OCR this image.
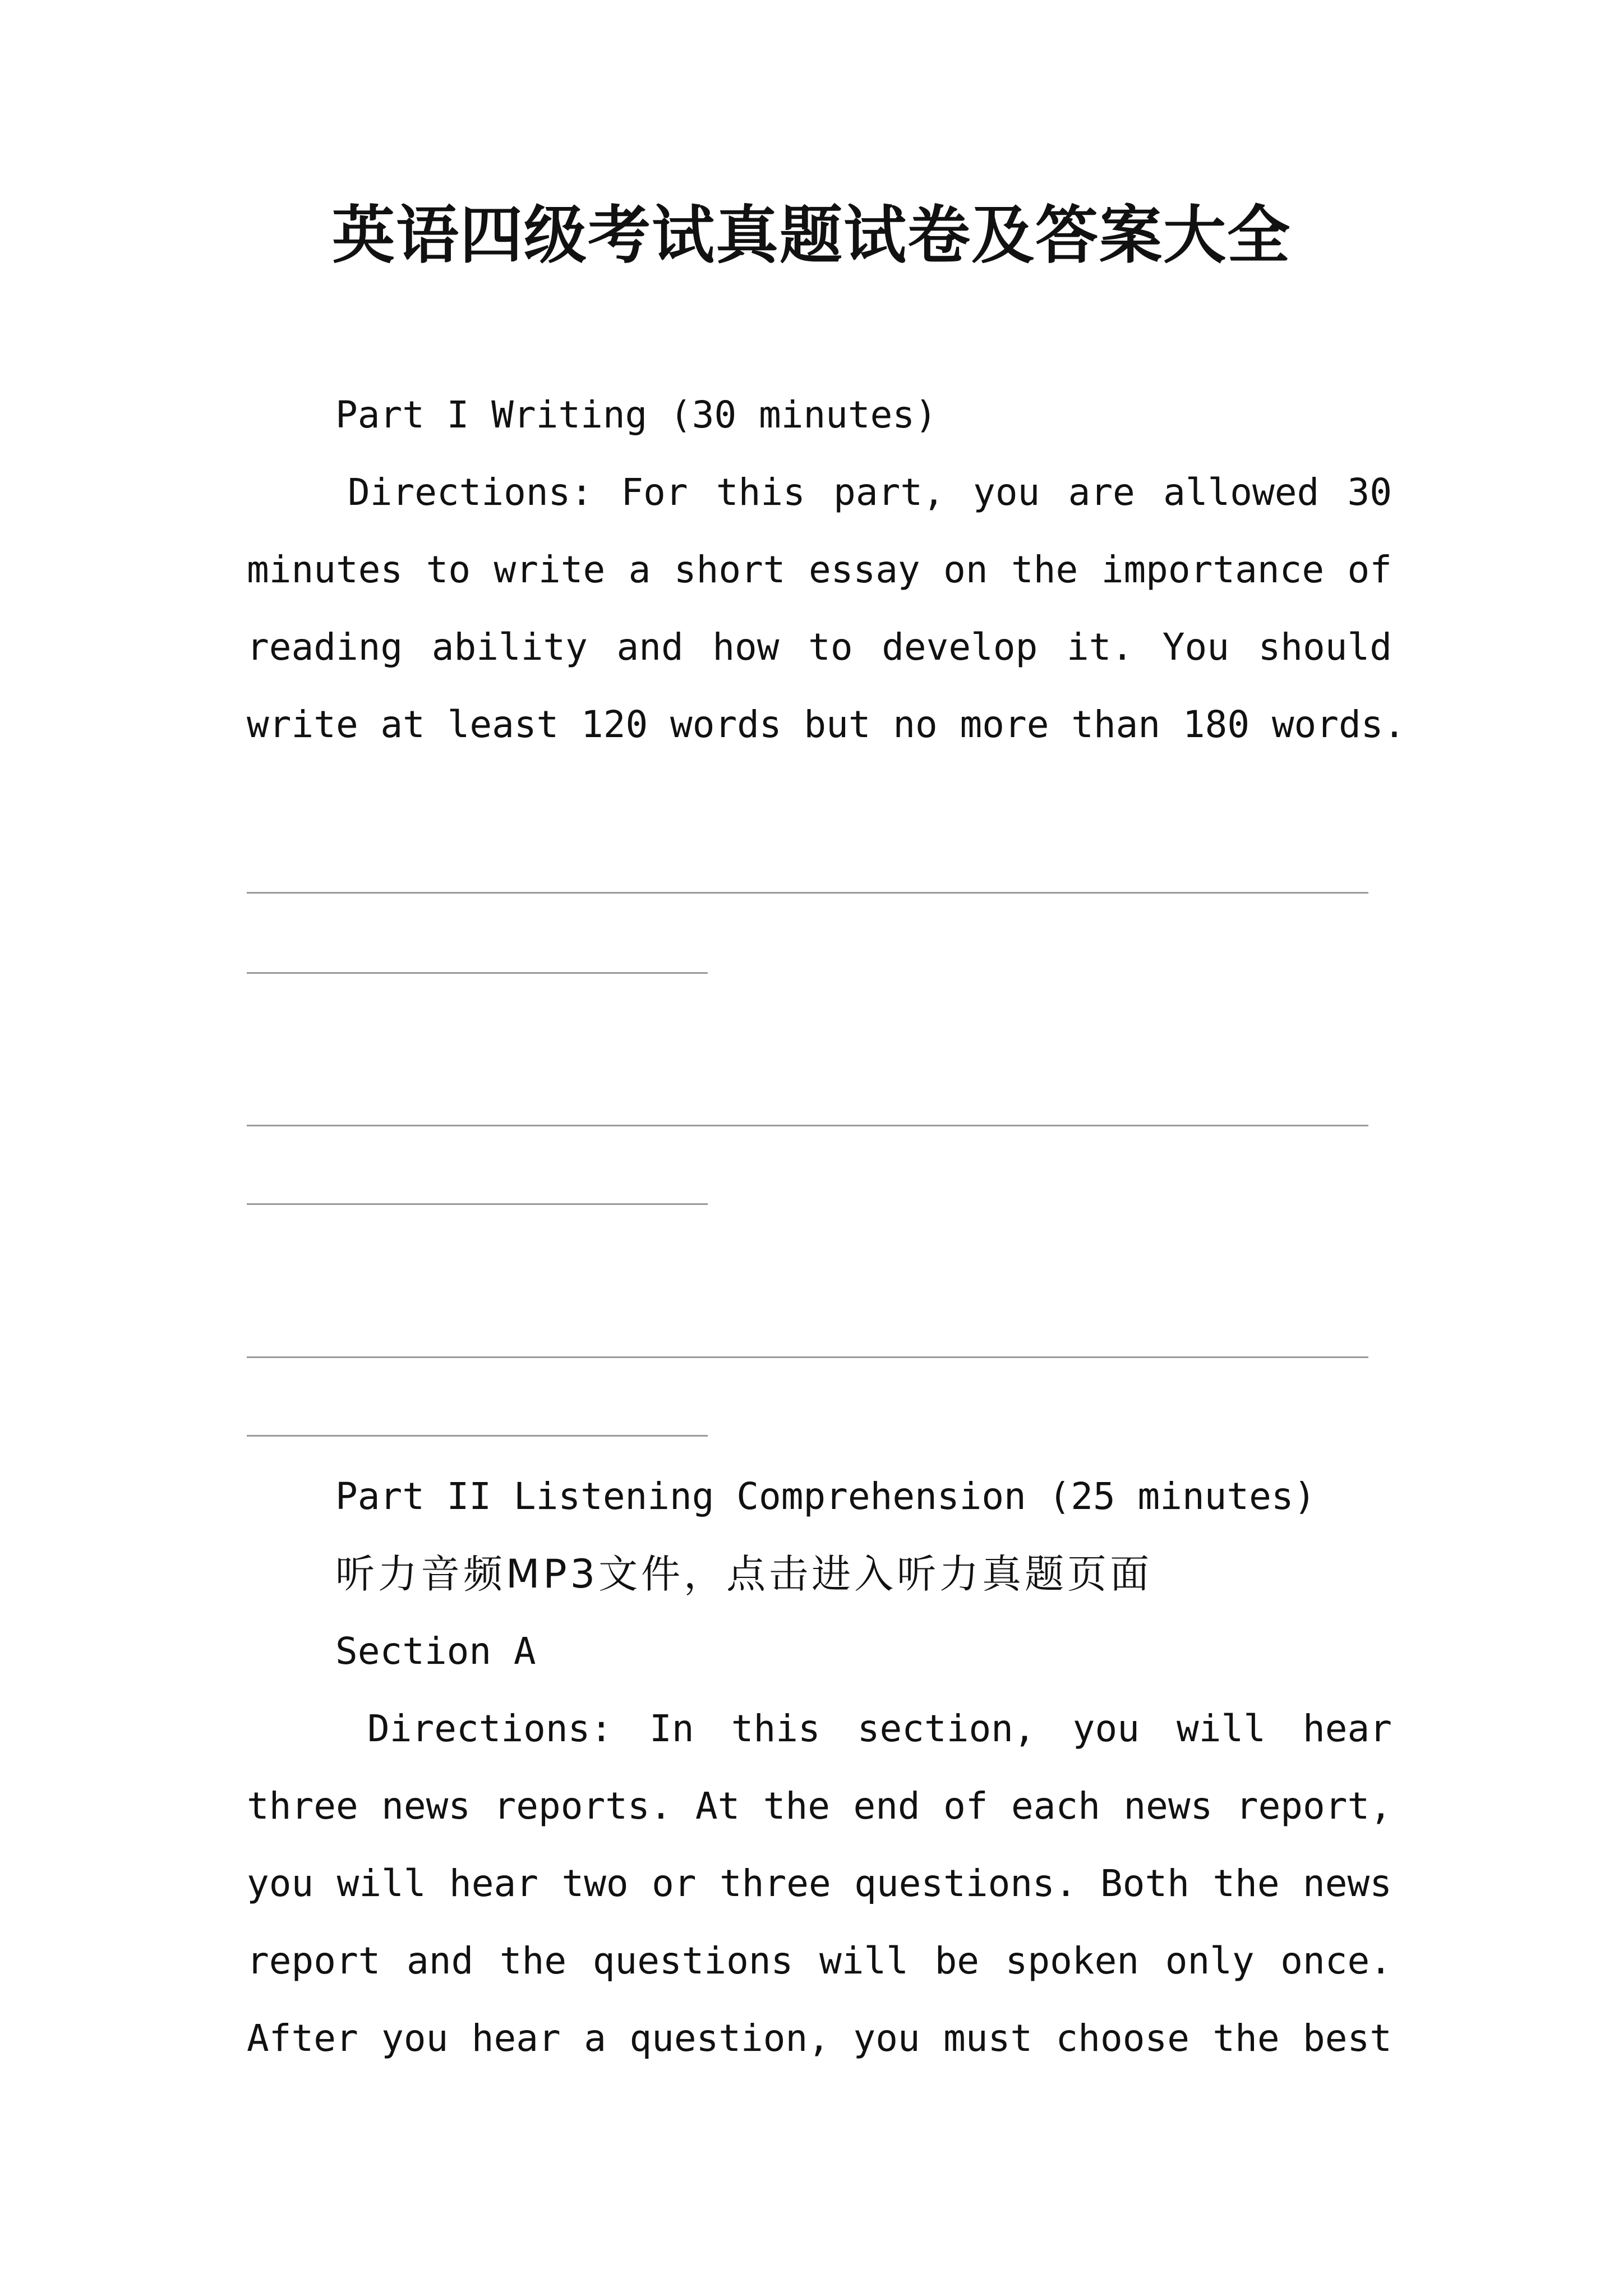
英语四级考试真题试卷及答案大全
Part I Writing (30 minutes)
Directions: For this part, you are allowed 30
minutes to write a short essay on the importance of
reading ability and how to develop it. You should
write at least 120 words but no more than 180 words.
Part II Listening Comprehension (25 minutes)
听力音频MP3文件，点击进入听力真题页面
Section A
Directions: In this section, you will hear
three news reports. At the end of each news report,
you will hear two or three questions. Both the news
report and the questions will be spoken only once.
After you hear a question, you must choose the best
